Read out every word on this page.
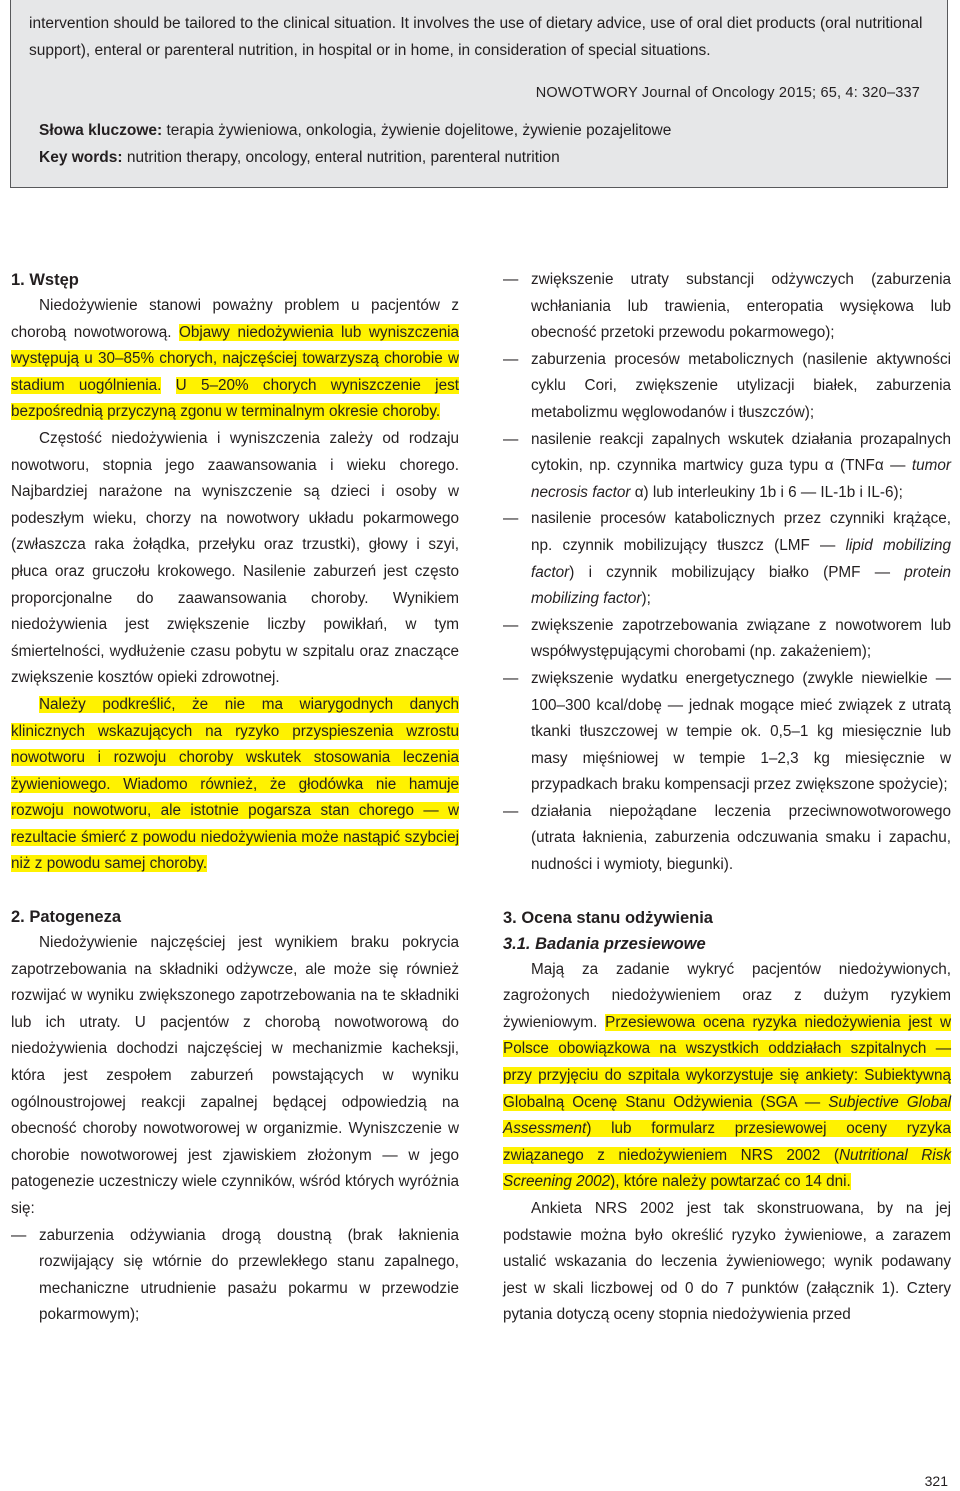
intervention should be tailored to the clinical situation. It involves the use of dietary advice, use of oral diet products (oral nutritional support), enteral or parenteral nutrition, in hospital or in home, in consideration of special situations.

NOWOTWORY Journal of Oncology 2015; 65, 4: 320–337
Słowa kluczowe: terapia żywieniowa, onkologia, żywienie dojelitowe, żywienie pozajelitowe
Key words: nutrition therapy, oncology, enteral nutrition, parenteral nutrition
1. Wstęp

Niedożywienie stanowi poważny problem u pacjentów z chorobą nowotworową. Objawy niedożywienia lub wyniszczenia występują u 30–85% chorych, najczęściej towarzyszą chorobie w stadium uogólnienia. U 5–20% chorych wyniszczenie jest bezpośrednią przyczyną zgonu w terminalnym okresie choroby.

Częstość niedożywienia i wyniszczenia zależy od rodzaju nowotworu, stopnia jego zaawansowania i wieku chorego. Najbardziej narażone na wyniszczenie są dzieci i osoby w podeszłym wieku, chorzy na nowotwory układu pokarmowego (zwłaszcza raka żołądka, przełyku oraz trzustki), głowy i szyi, płuca oraz gruczołu krokowego. Nasilenie zaburzeń jest często proporcjonalne do zaawansowania choroby. Wynikiem niedożywienia jest zwiększenie liczby powikłań, w tym śmiertelności, wydłużenie czasu pobytu w szpitalu oraz znaczące zwiększenie kosztów opieki zdrowotnej.

Należy podkreślić, że nie ma wiarygodnych danych klinicznych wskazujących na ryzyko przyspieszenia wzrostu nowotworu i rozwoju choroby wskutek stosowania leczenia żywieniowego. Wiadomo również, że głodówka nie hamuje rozwoju nowotworu, ale istotnie pogarsza stan chorego — w rezultacie śmierć z powodu niedożywienia może nastąpić szybciej niż z powodu samej choroby.

2. Patogeneza

Niedożywienie najczęściej jest wynikiem braku pokrycia zapotrzebowania na składniki odżywcze, ale może się również rozwijać w wyniku zwiększonego zapotrzebowania na te składniki lub ich utraty. U pacjentów z chorobą nowotworową do niedożywienia dochodzi najczęściej w mechanizmie kacheksji, która jest zespołem zaburzeń powstających w wyniku ogólnoustrojowej reakcji zapalnej będącej odpowiedzią na obecność choroby nowotworowej w organizmie. Wyniszczenie w chorobie nowotworowej jest zjawiskiem złożonym — w jego patogenezie uczestniczy wiele czynników, wśród których wyróżnia się:

— zaburzenia odżywiania drogą doustną (brak łaknienia rozwijający się wtórnie do przewlekłego stanu zapalnego, mechaniczne utrudnienie pasażu pokarmu w przewodzie pokarmowym);
— zwiększenie utraty substancji odżywczych (zaburzenia wchłaniania lub trawienia, enteropatia wysiękowa lub obecność przetoki przewodu pokarmowego);
— zaburzenia procesów metabolicznych (nasilenie aktywności cyklu Cori, zwiększenie utylizacji białek, zaburzenia metabolizmu węglowodanów i tłuszczów);
— nasilenie reakcji zapalnych wskutek działania prozapalnych cytokin, np. czynnika martwicy guza typu α (TNFα — tumor necrosis factor α) lub interleukiny 1b i 6 — IL-1b i IL-6);
— nasilenie procesów katabolicznych przez czynniki krążące, np. czynnik mobilizujący tłuszcz (LMF — lipid mobilizing factor) i czynnik mobilizujący białko (PMF — protein mobilizing factor);
— zwiększenie zapotrzebowania związane z nowotworem lub współwystępującymi chorobami (np. zakażeniem);
— zwiększenie wydatku energetycznego (zwykle niewielkie — 100–300 kcal/dobę — jednak mogące mieć związek z utratą tkanki tłuszczowej w tempie ok. 0,5–1 kg miesięcznie lub masy mięśniowej w tempie 1–2,3 kg miesięcznie w przypadkach braku kompensacji przez zwiększone spożycie);
— działania niepożądane leczenia przeciwnowotworowego (utrata łaknienia, zaburzenia odczuwania smaku i zapachu, nudności i wymioty, biegunki).
3. Ocena stanu odżywienia
3.1. Badania przesiewowe

Mają za zadanie wykryć pacjentów niedożywionych, zagrożonych niedożywieniem oraz z dużym ryzykiem żywieniowym. Przesiewowa ocena ryzyka niedożywienia jest w Polsce obowiązkowa na wszystkich oddziałach szpitalnych — przy przyjęciu do szpitala wykorzystuje się ankiety: Subiektywną Globalną Ocenę Stanu Odżywienia (SGA — Subjective Global Assessment) lub formularz przesiewowej oceny ryzyka związanego z niedożywieniem NRS 2002 (Nutritional Risk Screening 2002), które należy powtarzać co 14 dni.

Ankieta NRS 2002 jest tak skonstruowana, by na jej podstawie można było określić ryzyko żywieniowe, a zarazem ustalić wskazania do leczenia żywieniowego; wynik podawany jest w skali liczbowej od 0 do 7 punktów (załącznik 1). Cztery pytania dotyczą oceny stopnia niedożywienia przed

321
